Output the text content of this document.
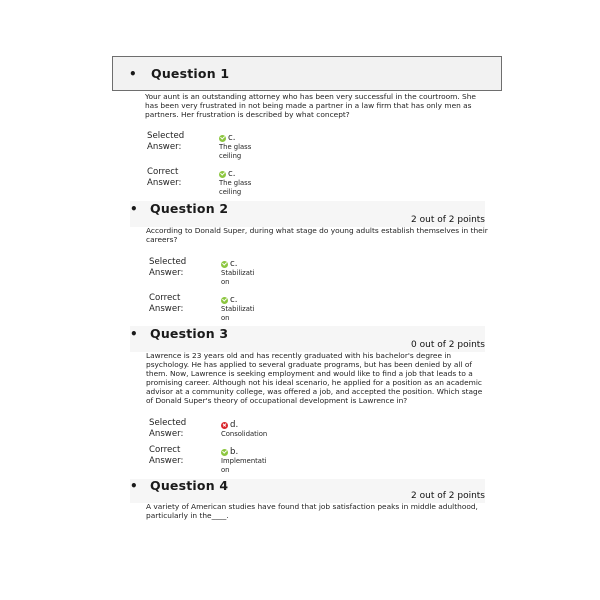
• Question 1
Your aunt is an outstanding attorney who has been very successful in the courtroom. She has been very frustrated in not being made a partner in a law firm that has only men as partners. Her frustration is described by what concept?
Selected Answer:
c.
The glass ceiling
Correct Answer:
c.
The glass ceiling
• Question 2
2 out of 2 points
According to Donald Super, during what stage do young adults establish themselves in their careers?
Selected Answer:
c.
Stabilizati on
Correct Answer:
c.
Stabilizati on
• Question 3
0 out of 2 points
Lawrence is 23 years old and has recently graduated with his bachelor's degree in psychology. He has applied to several graduate programs, but has been denied by all of them. Now, Lawrence is seeking employment and would like to find a job that leads to a promising career. Although not his ideal scenario, he applied for a position as an academic advisor at a community college, was offered a job, and accepted the position. Which stage of Donald Super's theory of occupational development is Lawrence in?
Selected Answer:
d.
Consolidation
Correct Answer:
b.
Implementati on
• Question 4
2 out of 2 points
A variety of American studies have found that job satisfaction peaks in middle adulthood, particularly in the____.
